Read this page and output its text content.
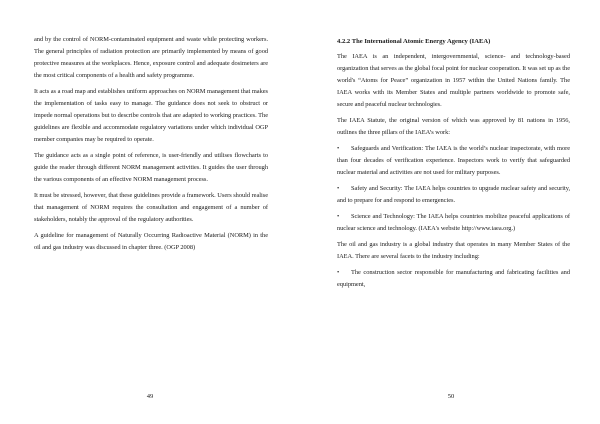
and by the control of NORM-contaminated equipment and waste while protecting workers. The general principles of radiation protection are primarily implemented by means of good protective measures at the workplaces. Hence, exposure control and adequate dosimeters are the most critical components of a health and safety programme.

It acts as a road map and establishes uniform approaches on NORM management that makes the implementation of tasks easy to manage. The guidance does not seek to obstruct or impede normal operations but to describe controls that are adapted to working practices. The guidelines are flexible and accommodate regulatory variations under which individual OGP member companies may be required to operate.

The guidance acts as a single point of reference, is user-friendly and utilises flowcharts to guide the reader through different NORM management activities. It guides the user through the various components of an effective NORM management process.

It must be stressed, however, that these guidelines provide a framework. Users should realise that management of NORM requires the consultation and engagement of a number of stakeholders, notably the approval of the regulatory authorities.

A guideline for management of Naturally Occurring Radioactive Material (NORM) in the oil and gas industry was discussed in chapter three. (OGP 2008)

49
4.2.2 The International Atomic Energy Agency (IAEA)

The IAEA is an independent, intergovernmental, science- and technology-based organization that serves as the global focal point for nuclear cooperation. It was set up as the world's “Atoms for Peace” organization in 1957 within the United Nations family. The IAEA works with its Member States and multiple partners worldwide to promote safe, secure and peaceful nuclear technologies.

The IAEA Statute, the original version of which was approved by 81 nations in 1956, outlines the three pillars of the IAEA’s work:

• Safeguards and Verification: The IAEA is the world’s nuclear inspectorate, with more than four decades of verification experience. Inspectors work to verify that safeguarded nuclear material and activities are not used for military purposes.

• Safety and Security: The IAEA helps countries to upgrade nuclear safety and security, and to prepare for and respond to emergencies.

• Science and Technology: The IAEA helps countries mobilize peaceful applications of nuclear science and technology. (IAEA's website http://www.iaea.org.)

The oil and gas industry is a global industry that operates in many Member States of the IAEA. There are several facets to the industry including:

• The construction sector responsible for manufacturing and fabricating facilities and equipment,

50
